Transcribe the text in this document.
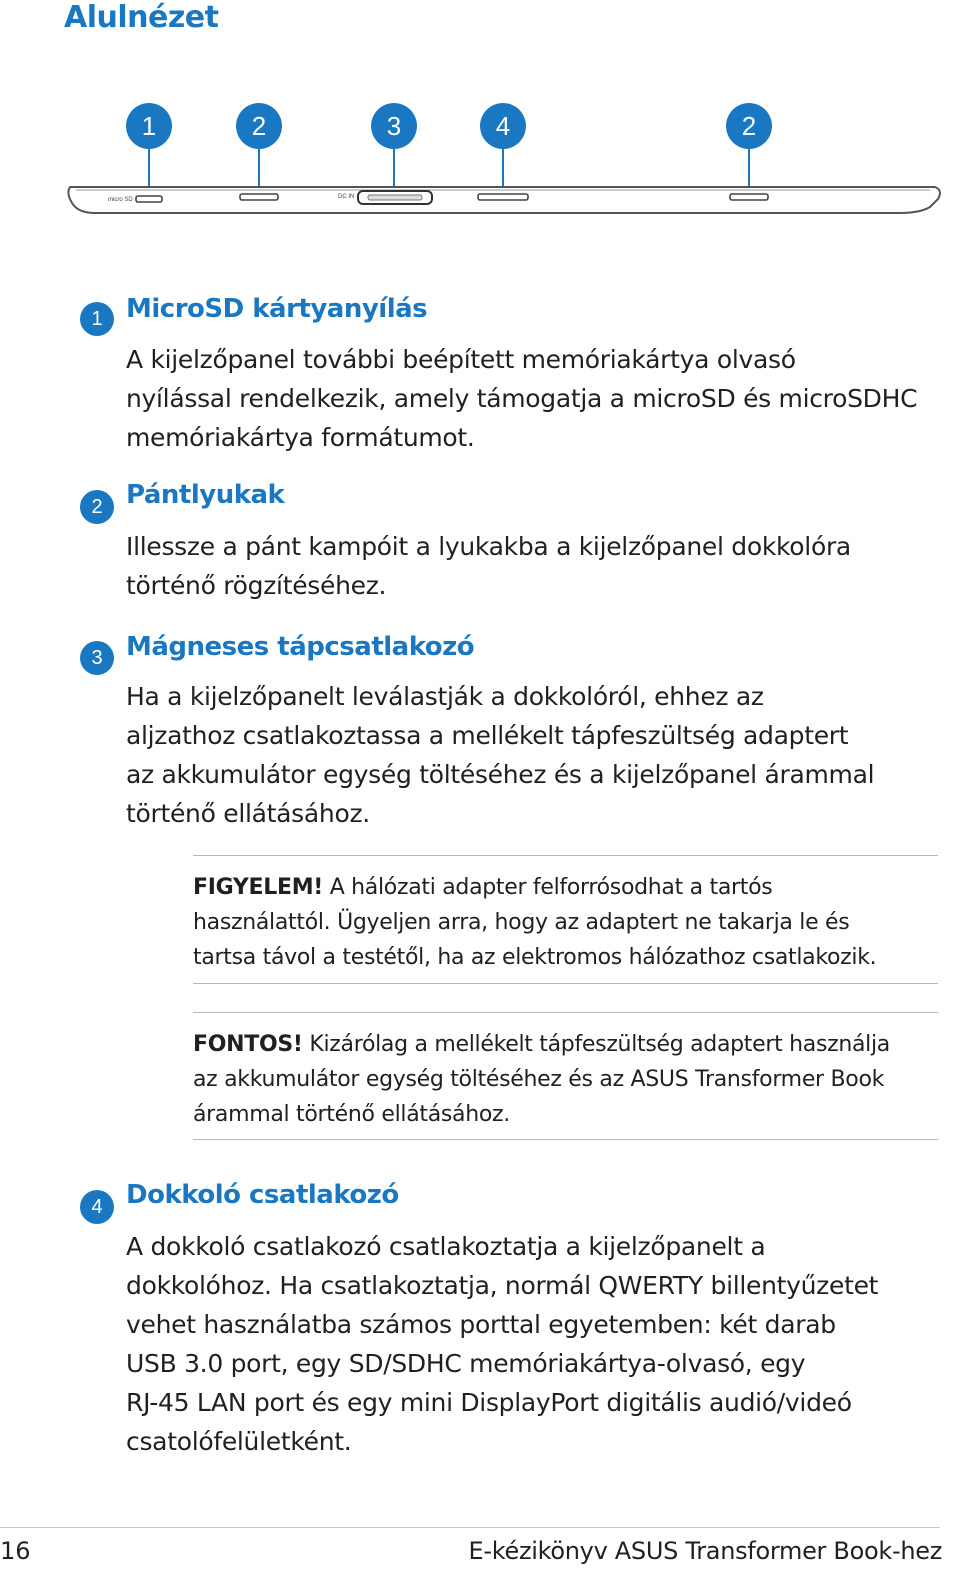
Alulnézet
1	2	3	4	2
micro SD	DC IN
1 MicroSD kártyanyílás
A kijelzőpanel további beépített memóriakártya olvasó
nyílással rendelkezik, amely támogatja a microSD és microSDHC
memóriakártya formátumot.
2 Pántlyukak
Illessze a pánt kampóit a lyukakba a kijelzőpanel dokkolóra
történő rögzítéséhez.
3 Mágneses tápcsatlakozó
Ha a kijelzőpanelt leválastják a dokkolóról, ehhez az
aljzathoz csatlakoztassa a mellékelt tápfeszültség adaptert
az akkumulátor egység töltéséhez és a kijelzőpanel árammal
történő ellátásához.
FIGYELEM! A hálózati adapter felforrósodhat a tartós
használattól. Ügyeljen arra, hogy az adaptert ne takarja le és
tartsa távol a testétől, ha az elektromos hálózathoz csatlakozik.
FONTOS! Kizárólag a mellékelt tápfeszültség adaptert használja
az akkumulátor egység töltéséhez és az ASUS Transformer Book
árammal történő ellátásához.
4 Dokkoló csatlakozó
A dokkoló csatlakozó csatlakoztatja a kijelzőpanelt a
dokkolóhoz. Ha csatlakoztatja, normál QWERTY billentyűzetet
vehet használatba számos porttal egyetemben: két darab
USB 3.0 port, egy SD/SDHC memóriakártya-olvasó, egy
RJ-45 LAN port és egy mini DisplayPort digitális audió/videó
csatolófelületként.
16	E-kézikönyv ASUS Transformer Book-hez
